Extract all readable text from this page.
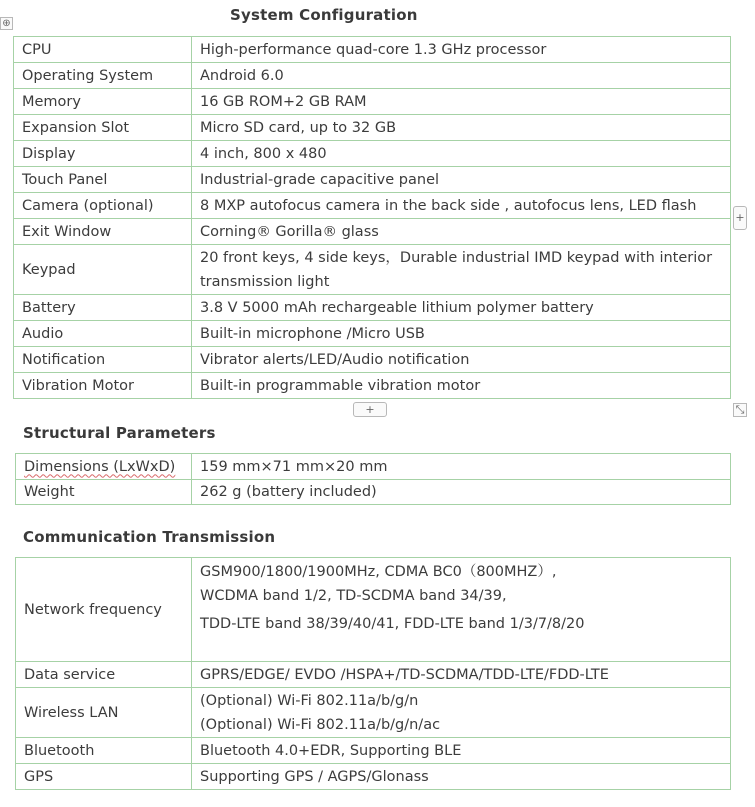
⊕
+
+	⤡
System Configuration
CPU	High-performance quad-core 1.3 GHz processor
Operating System	Android 6.0
Memory	16 GB ROM+2 GB RAM
Expansion Slot	Micro SD card, up to 32 GB
Display	4 inch, 800 x 480
Touch Panel	Industrial-grade capacitive panel
Camera (optional)	8 MXP autofocus camera in the back side , autofocus lens, LED flash
Exit Window	Corning® Gorilla® glass
Keypad	20 front keys, 4 side keys，Durable industrial IMD keypad with interior
transmission light

Battery	3.8 V 5000 mAh rechargeable lithium polymer battery
Audio	Built-in microphone /Micro USB
Notification	Vibrator alerts/LED/Audio notification
Vibration Motor	Built-in programmable vibration motor
Structural Parameters
Dimensions (LxWxD)	159 mm×71 mm×20 mm
Weight	262 g (battery included)
Communication Transmission
Network frequency	GSM900/1800/1900MHz, CDMA BC0（800MHZ）,
WCDMA band 1/2, TD-SCDMA band 34/39,
TDD-LTE band 38/39/40/41, FDD-LTE band 1/3/7/8/20

Data service	GPRS/EDGE/ EVDO /HSPA+/TD-SCDMA/TDD-LTE/FDD-LTE
Wireless LAN	(Optional) Wi-Fi 802.11a/b/g/n
(Optional) Wi-Fi 802.11a/b/g/n/ac

Bluetooth	Bluetooth 4.0+EDR, Supporting BLE
GPS	Supporting GPS / AGPS/Glonass
